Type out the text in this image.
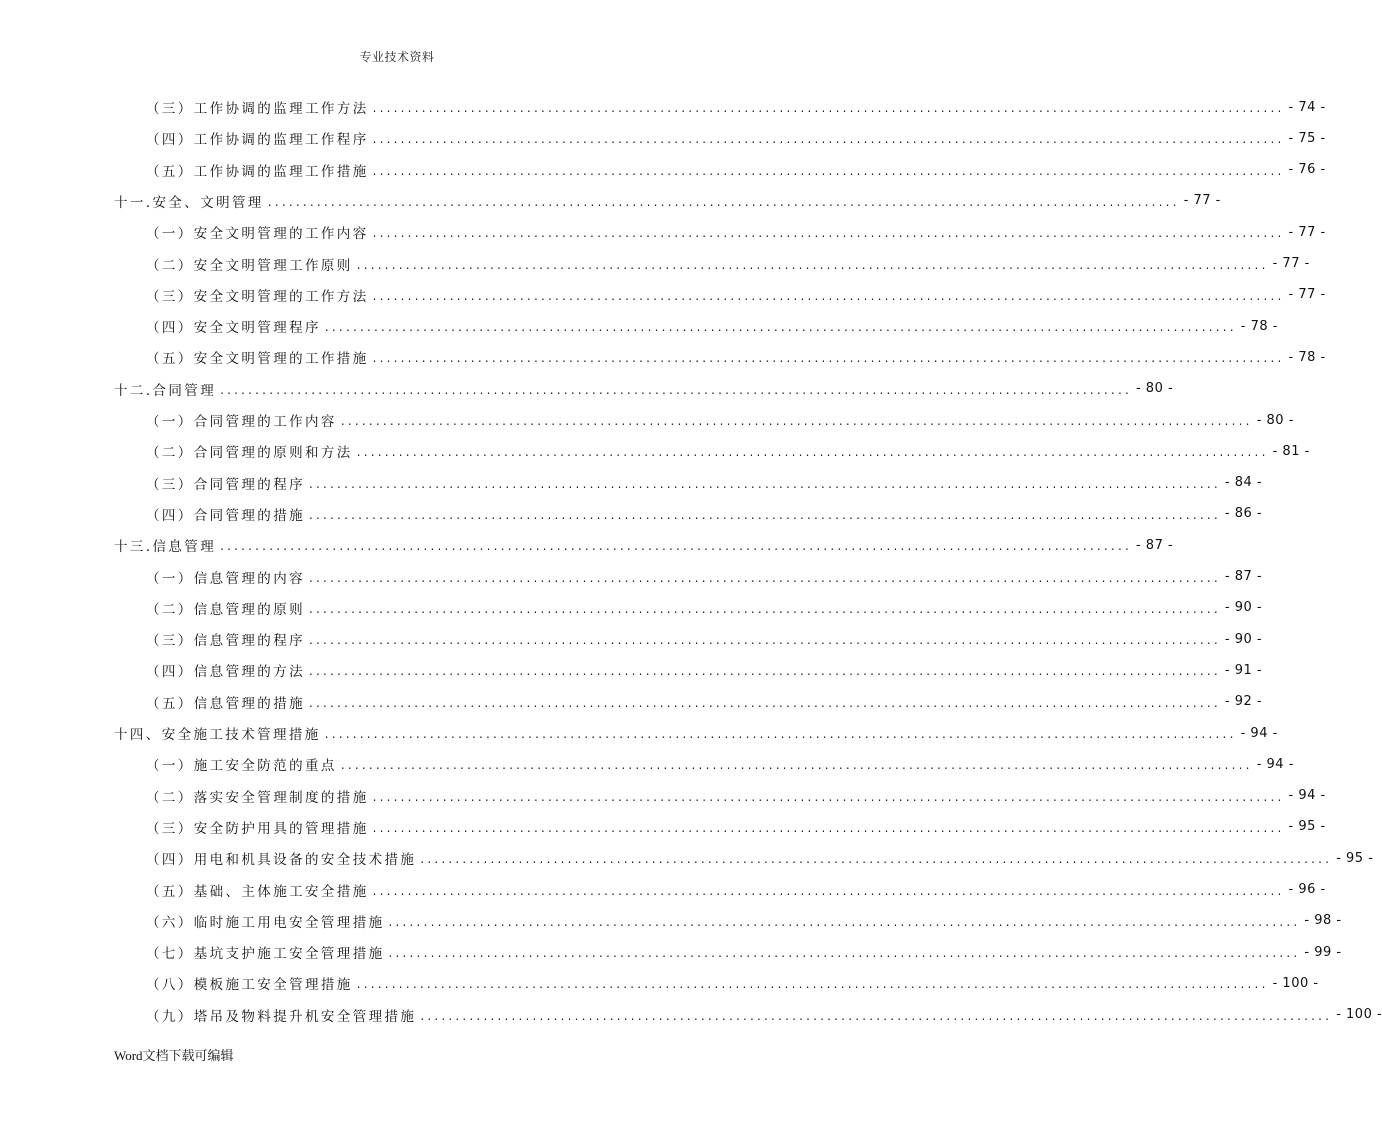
专业技术资料
（三）工作协调的监理工作方法 .................................................................................................................................. - 74 -
（四）工作协调的监理工作程序 .................................................................................................................................. - 75 -
（五）工作协调的监理工作措施 .................................................................................................................................. - 76 -
十一.安全、文明管理 .................................................................................................................................. - 77 -
（一）安全文明管理的工作内容 .................................................................................................................................. - 77 -
（二）安全文明管理工作原则 .................................................................................................................................. - 77 -
（三）安全文明管理的工作方法 .................................................................................................................................. - 77 -
（四）安全文明管理程序 .................................................................................................................................. - 78 -
（五）安全文明管理的工作措施 .................................................................................................................................. - 78 -
十二.合同管理 .................................................................................................................................. - 80 -
（一）合同管理的工作内容 .................................................................................................................................. - 80 -
（二）合同管理的原则和方法 .................................................................................................................................. - 81 -
（三）合同管理的程序 .................................................................................................................................. - 84 -
（四）合同管理的措施 .................................................................................................................................. - 86 -
十三.信息管理 .................................................................................................................................. - 87 -
（一）信息管理的内容 .................................................................................................................................. - 87 -
（二）信息管理的原则 .................................................................................................................................. - 90 -
（三）信息管理的程序 .................................................................................................................................. - 90 -
（四）信息管理的方法 .................................................................................................................................. - 91 -
（五）信息管理的措施 .................................................................................................................................. - 92 -
十四、安全施工技术管理措施 .................................................................................................................................. - 94 -
（一）施工安全防范的重点 .................................................................................................................................. - 94 -
（二）落实安全管理制度的措施 .................................................................................................................................. - 94 -
（三）安全防护用具的管理措施 .................................................................................................................................. - 95 -
（四）用电和机具设备的安全技术措施 .................................................................................................................................. - 95 -
（五）基础、主体施工安全措施 .................................................................................................................................. - 96 -
（六）临时施工用电安全管理措施 .................................................................................................................................. - 98 -
（七）基坑支护施工安全管理措施 .................................................................................................................................. - 99 -
（八）模板施工安全管理措施 .................................................................................................................................. - 100 -
（九）塔吊及物料提升机安全管理措施 .................................................................................................................................. - 100 -
Word文档下载可编辑
